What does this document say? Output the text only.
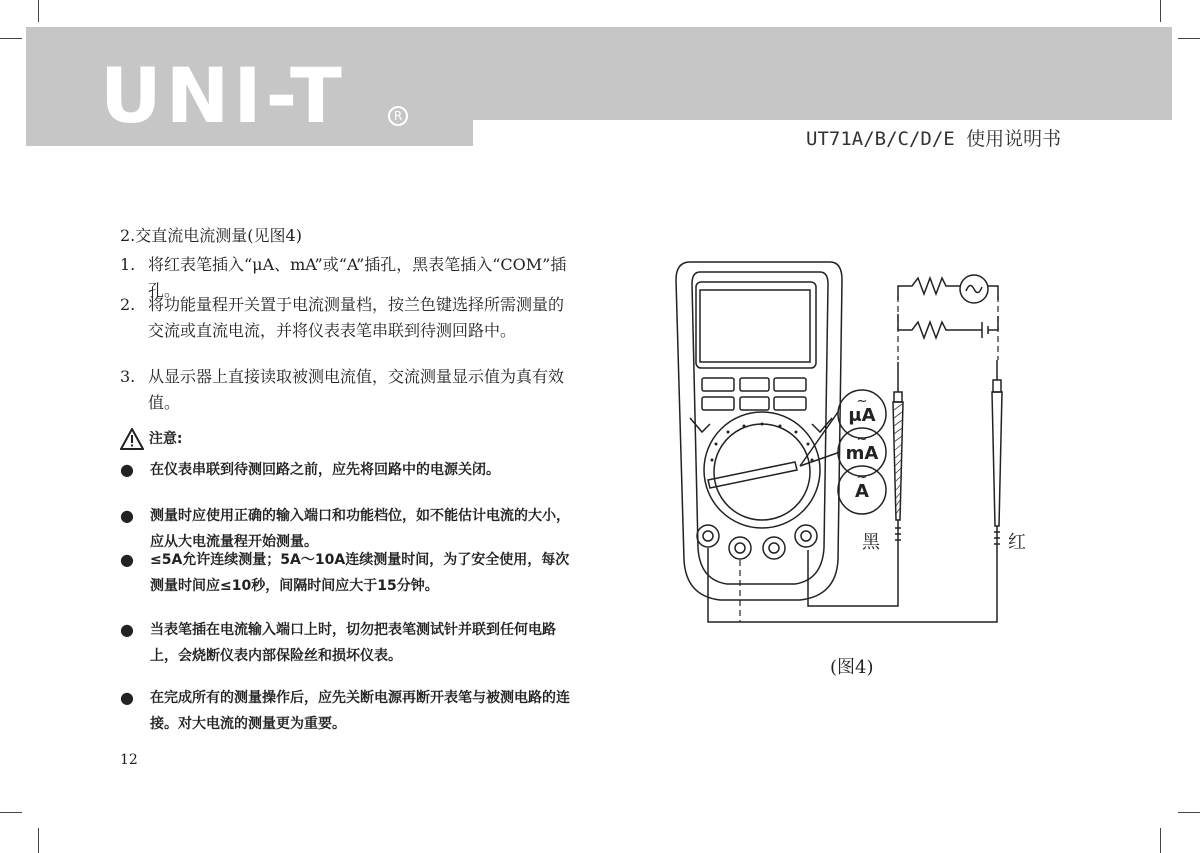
UNI-T	R
UT71A/B/C/D/E 使用说明书
2.交直流电流测量(见图4)
1. 将红表笔插入“μA、mA”或“A”插孔，黑表笔插入“COM”插孔。
2. 将功能量程开关置于电流测量档，按兰色键选择所需测量的交流或直流电流，并将仪表表笔串联到待测回路中。
3. 从显示器上直接读取被测电流值，交流测量显示值为真有效值。
注意:
● 在仪表串联到待测回路之前，应先将回路中的电源关闭。
● 测量时应使用正确的输入端口和功能档位，如不能估计电流的大小，应从大电流量程开始测量。
● ≤5A允许连续测量；5A～10A连续测量时间，为了安全使用，每次测量时间应≤10秒，间隔时间应大于15分钟。
● 当表笔插在电流输入端口上时，切勿把表笔测试针并联到任何电路上，会烧断仪表内部保险丝和损坏仪表。
● 在完成所有的测量操作后，应先关断电源再断开表笔与被测电路的连接。对大电流的测量更为重要。
12
~
μA
~
mA
~
A
黑	红
(图4)
